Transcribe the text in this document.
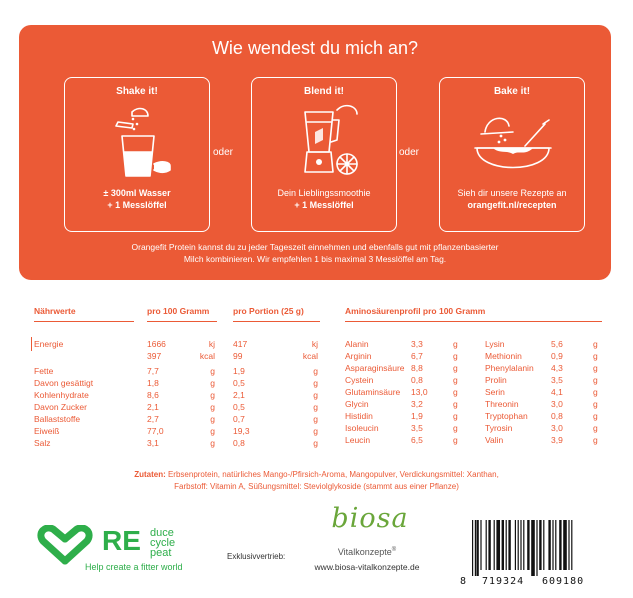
Wie wendest du mich an?
Shake it!
± 300ml Wasser
+ 1 Messlöffel
oder
Blend it!
Dein Lieblingssmoothie
+ 1 Messlöffel
oder
Bake it!
Sieh dir unsere Rezepte an
orangefit.nl/recepten
Orangefit Protein kannst du zu jeder Tageszeit einnehmen und ebenfalls gut mit pflanzenbasierter
Milch kombinieren. Wir empfehlen 1 bis maximal 3 Messlöffel am Tag.
Nährwerte	pro 100 Gramm	pro Portion (25 g)	Aminosäurenprofil pro 100 Gramm
Energie	1666	kj 417	kj
397	kcal 99	kcal
Fette	7,7	g 1,9	g
Davon gesättigt	1,8	g 0,5	g
Kohlenhydrate	8,6	g 2,1	g
Davon Zucker	2,1	g 0,5	g
Ballaststoffe	2,7	g 0,7	g
Eiweiß	77,0	g 19,3	g
Salz	3,1	g 0,8	g
Alanin	3,3	g
Arginin	6,7	g
Asparaginsäure 8,8	g
Cystein	0,8	g
Glutaminsäure 13,0	g
Glycin	3,2	g
Histidin	1,9	g
Isoleucin	3,5	g
Leucin	6,5	g
Lysin	5,6	g
Methionin	0,9	g
Phenylalanin 4,3	g
Prolin	3,5	g
Serin	4,1	g
Threonin	3,0	g
Tryptophan	0,8	g
Tyrosin	3,0	g
Valin	3,9	g
Zutaten: Erbsenprotein, natürliches Mango-/Pfirsich-Aroma, Mangopulver, Verdickungsmittel: Xanthan,
Farbstoff: Vitamin A, Süßungsmittel: Steviolglykoside (stammt aus einer Pflanze)
RE duce
cycle
peat
Help create a fitter world
Exklusivvertrieb:
biosa
Vitalkonzepte®
www.biosa-vitalkonzepte.de
8 719324 609180
